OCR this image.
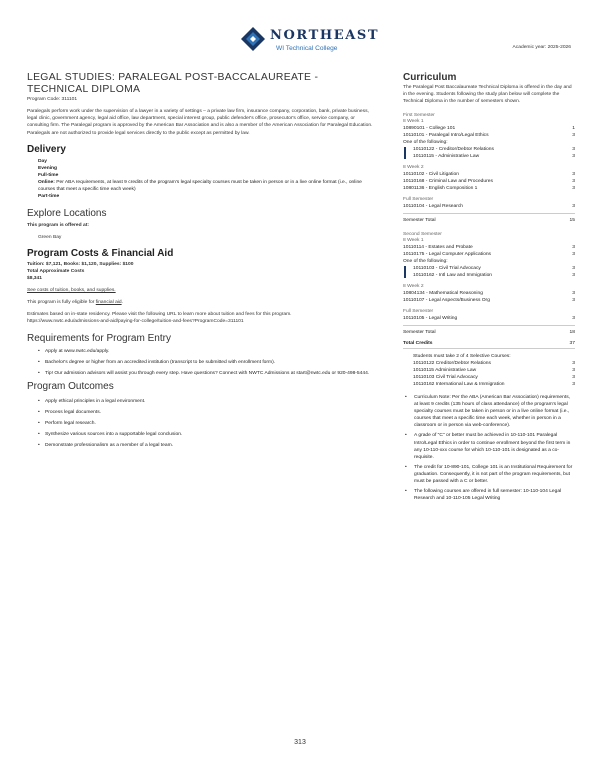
NORTHEAST
WI Technical College	Academic year: 2025-2026
LEGAL STUDIES: PARALEGAL POST-BACCALAUREATE - TECHNICAL DIPLOMA
Program Code: 311101

Paralegals perform work under the supervision of a lawyer in a variety of settings – a private law firm, insurance company, corporation, bank, private business, legal clinic, government agency, legal aid office, law department, special interest group, public defender's office, prosecutor's office, service company, or consulting firm. The Paralegal program is approved by the American Bar Association and is also a member of the American Association for Paralegal Education. Paralegals are not authorized to provide legal services directly to the public except as permitted by law.

Delivery
Day
Evening
Full-time
Online: Per ABA requirements, at least 9 credits of the program's legal specialty courses must be taken in person or in a live online format (i.e., online courses that meet a specific time each week)
Part-time
Explore Locations
This program is offered at:
Green Bay
Program Costs & Financial Aid
Tuition: $7,121, Books: $1,120, Supplies: $100
Total Approximate Costs
$8,341
See costs of tuition, books, and supplies.
This program is fully eligible for financial aid.
Estimates based on in-state residency. Please visit the following URL to learn more about tuition and fees for this program.
https://www.nwtc.edu/admissions-and-aid/paying-for-college/tuition-and-fees?ProgramCode=311101
Requirements for Program Entry
• Apply at www.nwtc.edu/apply.
• Bachelor's degree or higher from an accredited institution (transcript to be submitted with enrollment form).
• Tip! Our admission advisors will assist you through every step. Have questions? Connect with NWTC Admissions at start@nwtc.edu or 920-498-5444.
Program Outcomes
• Apply ethical principles in a legal environment.
• Process legal documents.
• Perform legal research.
• Synthesize various sources into a supportable legal conclusion.
• Demonstrate professionalism as a member of a legal team.
Curriculum

The Paralegal Post Baccalaureate Technical Diploma is offered in the day and in the evening. Students following the study plan below will complete the Technical Diploma in the number of semesters shown.

First Semester
8 Week 1
10890101 - College 101	1
10110101 - Paralegal Intro/Legal Ethics	3
One of the following:
10110122 - Creditor/Debtor Relations	3
10110115 - Administrative Law	3
8 Week 2
10110102 - Civil Litigation	3
10110168 - Criminal Law and Procedures	3
10801136 - English Composition 1	3
Full Semester
10110104 - Legal Research	3
Semester Total	15
Second Semester
8 Week 1
10110114 - Estates and Probate	3
10110175 - Legal Computer Applications	3
One of the following:
10110103 - Civil Trial Advocacy	3
10110162 - Intl Law and Immigration	3
8 Week 2
10804134 - Mathematical Reasoning	3
10110107 - Legal Aspects/Business Org	3
Full Semester
10110105 - Legal Writing	3
Semester Total	18
Total Credits	37
Students must take 2 of 4 Selective Courses:
10110122 Creditor/Debtor Relations	3
10110115 Administrative Law	3
10110103 Civil Trial Advocacy	3
10110162 International Law & Immigration	3
• Curriculum Note: Per the ABA (American Bar Association) requirements, at least 9 credits (135 hours of class attendance) of the program's legal specialty courses must be taken in person or in a live online format (i.e., courses that meet a specific time each week, whether in person in a classroom or in person via web-conference).
• A grade of "C" or better must be achieved in 10-110-101 Paralegal Intro/Legal Ethics in order to continue enrollment beyond the first term in any 10-110-xxx course for which 10-110-101 is designated as a co-requisite.
• The credit for 10-890-101, College 101 is an Institutional Requirement for graduation. Consequently, it is not part of the program requirements, but must be passed with a C or better.
• The following courses are offered in full semester: 10-110-104 Legal Research and 10-110-105 Legal Writing
313
